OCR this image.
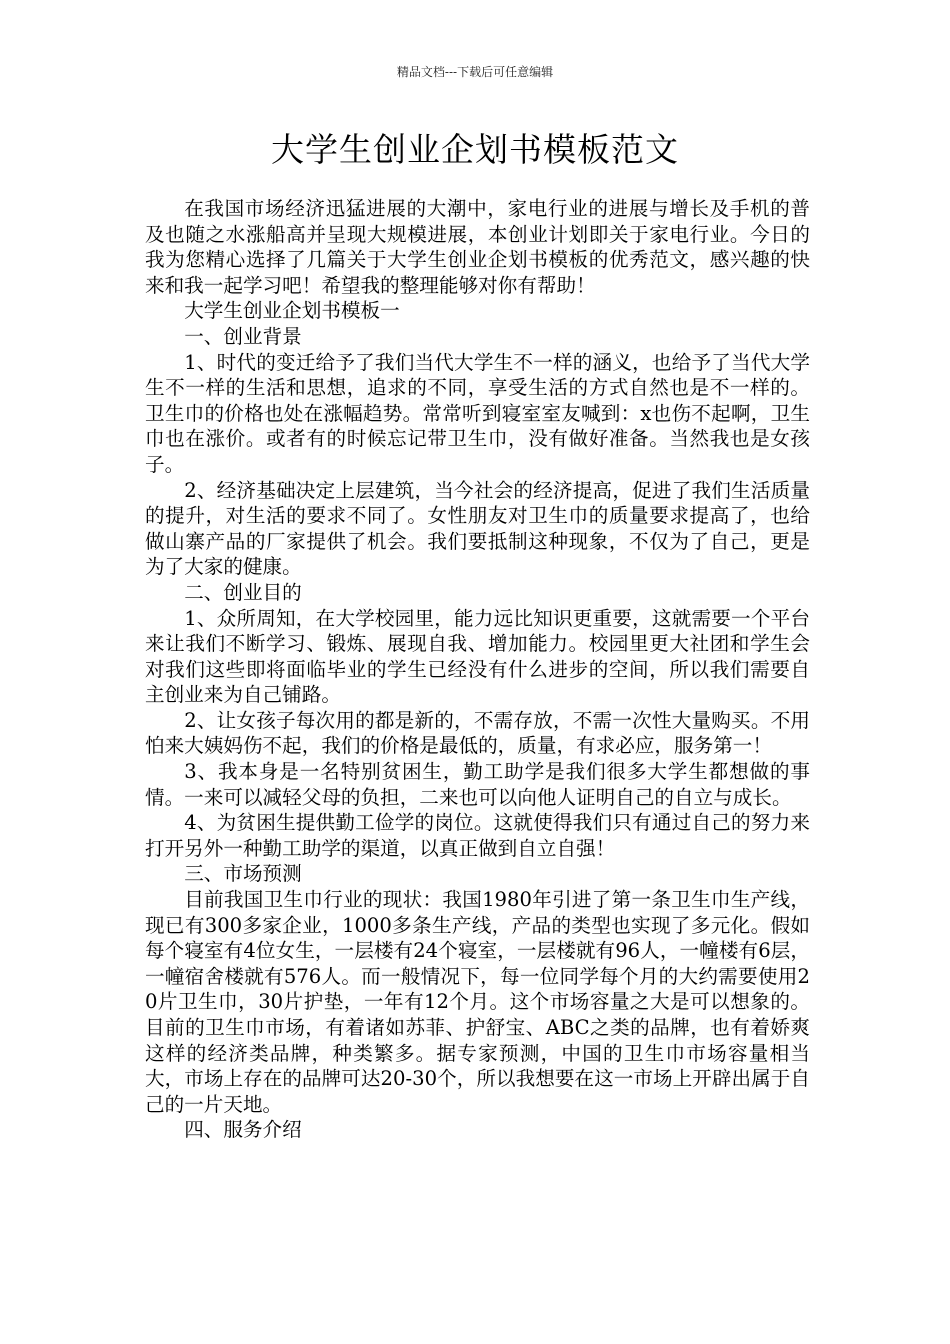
精品文档---下载后可任意编辑
大学生创业企划书模板范文

在我国市场经济迅猛进展的大潮中，家电行业的进展与增长及手机的普及也随之水涨船高并呈现大规模进展，本创业计划即关于家电行业。今日的我为您精心选择了几篇关于大学生创业企划书模板的优秀范文，感兴趣的快来和我一起学习吧！希望我的整理能够对你有帮助！

大学生创业企划书模板一

一、创业背景

1、时代的变迁给予了我们当代大学生不一样的涵义，也给予了当代大学生不一样的生活和思想，追求的不同，享受生活的方式自然也是不一样的。卫生巾的价格也处在涨幅趋势。常常听到寝室室友喊到：x也伤不起啊，卫生巾也在涨价。或者有的时候忘记带卫生巾，没有做好准备。当然我也是女孩子。

2、经济基础决定上层建筑，当今社会的经济提高，促进了我们生活质量的提升，对生活的要求不同了。女性朋友对卫生巾的质量要求提高了，也给做山寨产品的厂家提供了机会。我们要抵制这种现象，不仅为了自己，更是为了大家的健康。

二、创业目的

1、众所周知，在大学校园里，能力远比知识更重要，这就需要一个平台来让我们不断学习、锻炼、展现自我、增加能力。校园里更大社团和学生会对我们这些即将面临毕业的学生已经没有什么进步的空间，所以我们需要自主创业来为自己铺路。

2、让女孩子每次用的都是新的，不需存放，不需一次性大量购买。不用怕来大姨妈伤不起，我们的价格是最低的，质量，有求必应，服务第一！

3、我本身是一名特别贫困生，勤工助学是我们很多大学生都想做的事情。一来可以减轻父母的负担，二来也可以向他人证明自己的自立与成长。

4、为贫困生提供勤工俭学的岗位。这就使得我们只有通过自己的努力来打开另外一种勤工助学的渠道，以真正做到自立自强！

三、市场预测

目前我国卫生巾行业的现状：我国1980年引进了第一条卫生巾生产线，现已有300多家企业，1000多条生产线，产品的类型也实现了多元化。假如每个寝室有4位女生，一层楼有24个寝室，一层楼就有96人，一幢楼有6层，一幢宿舍楼就有576人。而一般情况下，每一位同学每个月的大约需要使用20片卫生巾，30片护垫，一年有12个月。这个市场容量之大是可以想象的。目前的卫生巾市场，有着诸如苏菲、护舒宝、ABC之类的品牌，也有着娇爽这样的经济类品牌，种类繁多。据专家预测，中国的卫生巾市场容量相当大，市场上存在的品牌可达20-30个，所以我想要在这一市场上开辟出属于自己的一片天地。

四、服务介绍
